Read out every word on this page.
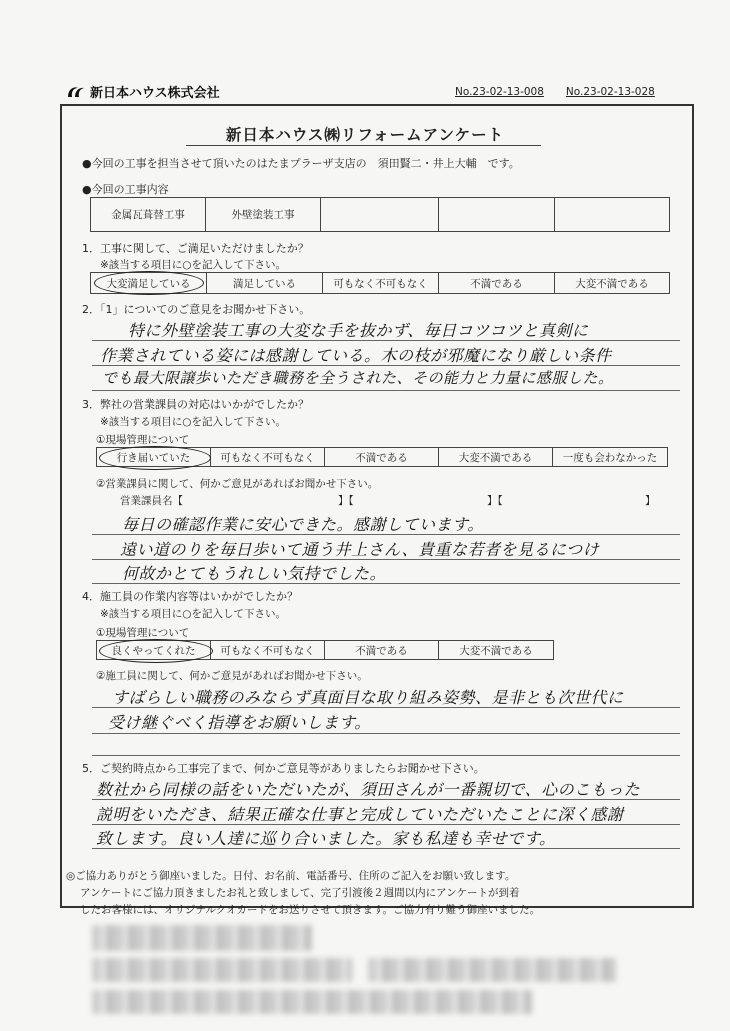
新日本ハウス株式会社	No.23-02-13-008 No.23-02-13-028
新日本ハウス㈱リフォームアンケート
●今回の工事を担当させて頂いたのはたまプラーザ支店の　須田賢二・井上大輔　です。
●今回の工事内容
金属瓦葺替工事	外壁塗装工事
1．工事に関して、ご満足いただけましたか？
※該当する項目に○を記入して下さい。
大変満足している	満足している	可もなく不可もなく	不満である	大変不満である
2．「1」についてのご意見をお聞かせ下さい。
特に外壁塗装工事の大変な手を抜かず、毎日コツコツと真剣に
作業されている姿には感謝している。木の枝が邪魔になり厳しい条件
でも最大限譲歩いただき職務を全うされた、その能力と力量に感服した。
3．弊社の営業課員の対応はいかがでしたか？
※該当する項目に○を記入して下さい。
①現場管理について
行き届いていた	可もなく不可もなく	不満である	大変不満である	一度も会わなかった
②営業課員に関して、何かご意見があればお聞かせ下さい。
営業課員名【	】【	】【	】
毎日の確認作業に安心できた。感謝しています。
遠い道のりを毎日歩いて通う井上さん、貴重な若者を見るにつけ
何故かとてもうれしい気持でした。
4．施工員の作業内容等はいかがでしたか？
※該当する項目に○を記入して下さい。
①現場管理について
良くやってくれた	可もなく不可もなく	不満である	大変不満である
②施工員に関して、何かご意見があればお聞かせ下さい。
すばらしい職務のみならず真面目な取り組み姿勢、是非とも次世代に
受け継ぐべく指導をお願いします。
5．ご契約時点から工事完了まで、何かご意見等がありましたらお聞かせ下さい。
数社から同様の話をいただいたが、須田さんが一番親切で、心のこもった
説明をいただき、結果正確な仕事と完成していただいたことに深く感謝
致します。良い人達に巡り合いました。家も私達も幸せです。
◎ご協力ありがとう御座いました。日付、お名前、電話番号、住所のご記入をお願い致します。
アンケートにご協力頂きましたお礼と致しまして、完了引渡後２週間以内にアンケートが到着
したお客様には、オリジナルクオカードをお送りさせて頂きます。ご協力有り難う御座いました。
